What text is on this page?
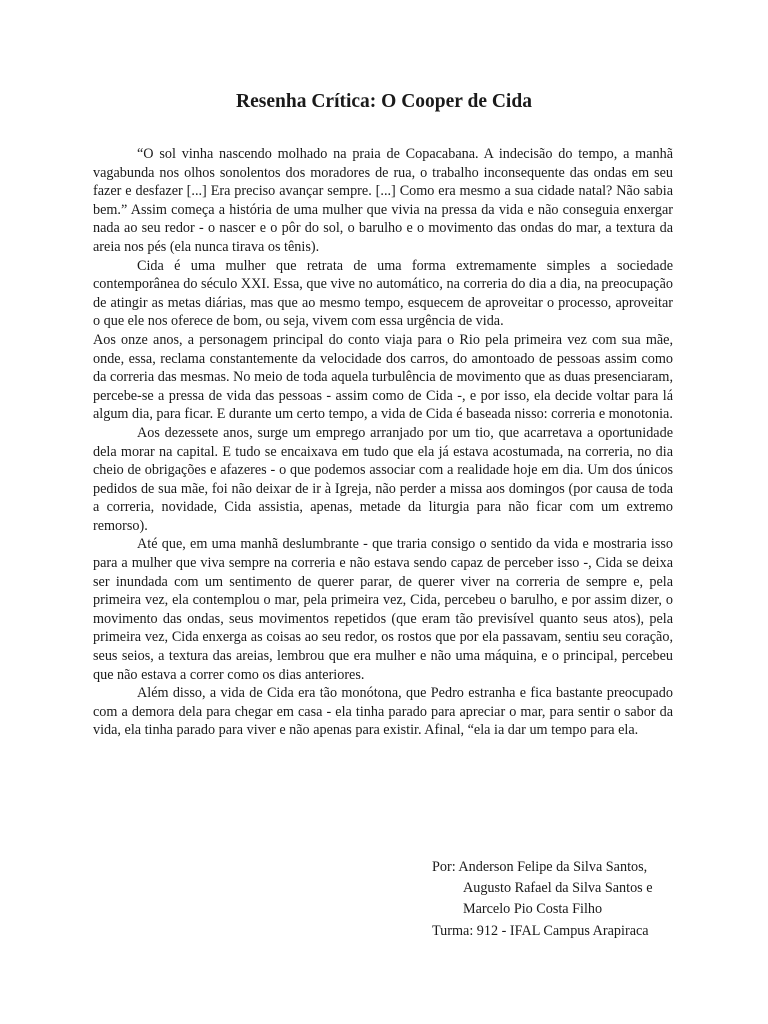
Resenha Crítica: O Cooper de Cida

“O sol vinha nascendo molhado na praia de Copacabana. A indecisão do tempo, a manhã vagabunda nos olhos sonolentos dos moradores de rua, o trabalho inconsequente das ondas em seu fazer e desfazer [...] Era preciso avançar sempre. [...] Como era mesmo a sua cidade natal? Não sabia bem.” Assim começa a história de uma mulher que vivia na pressa da vida e não conseguia enxergar nada ao seu redor - o nascer e o pôr do sol, o barulho e o movimento das ondas do mar, a textura da areia nos pés (ela nunca tirava os tênis).

Cida é uma mulher que retrata de uma forma extremamente simples a sociedade contemporânea do século XXI. Essa, que vive no automático, na correria do dia a dia, na preocupação de atingir as metas diárias, mas que ao mesmo tempo, esquecem de aproveitar o processo, aproveitar o que ele nos oferece de bom, ou seja, vivem com essa urgência de vida.

Aos onze anos, a personagem principal do conto viaja para o Rio pela primeira vez com sua mãe, onde, essa, reclama constantemente da velocidade dos carros, do amontoado de pessoas assim como da correria das mesmas. No meio de toda aquela turbulência de movimento que as duas presenciaram, percebe-se a pressa de vida das pessoas - assim como de Cida -, e por isso, ela decide voltar para lá algum dia, para ficar. E durante um certo tempo, a vida de Cida é baseada nisso: correria e monotonia.

Aos dezessete anos, surge um emprego arranjado por um tio, que acarretava a oportunidade dela morar na capital. E tudo se encaixava em tudo que ela já estava acostumada, na correria, no dia cheio de obrigações e afazeres - o que podemos associar com a realidade hoje em dia. Um dos únicos pedidos de sua mãe, foi não deixar de ir à Igreja, não perder a missa aos domingos (por causa de toda a correria, novidade, Cida assistia, apenas, metade da liturgia para não ficar com um extremo remorso).

Até que, em uma manhã deslumbrante - que traria consigo o sentido da vida e mostraria isso para a mulher que viva sempre na correria e não estava sendo capaz de perceber isso -, Cida se deixa ser inundada com um sentimento de querer parar, de querer viver na correria de sempre e, pela primeira vez, ela contemplou o mar, pela primeira vez, Cida, percebeu o barulho, e por assim dizer, o movimento das ondas, seus movimentos repetidos (que eram tão previsível quanto seus atos), pela primeira vez, Cida enxerga as coisas ao seu redor, os rostos que por ela passavam, sentiu seu coração, seus seios, a textura das areias, lembrou que era mulher e não uma máquina, e o principal, percebeu que não estava a correr como os dias anteriores.

Além disso, a vida de Cida era tão monótona, que Pedro estranha e fica bastante preocupado com a demora dela para chegar em casa - ela tinha parado para apreciar o mar, para sentir o sabor da vida, ela tinha parado para viver e não apenas para existir. Afinal, “ela ia dar um tempo para ela.

Por: Anderson Felipe da Silva Santos,
Augusto Rafael da Silva Santos e
Marcelo Pio Costa Filho
Turma: 912 - IFAL Campus Arapiraca
